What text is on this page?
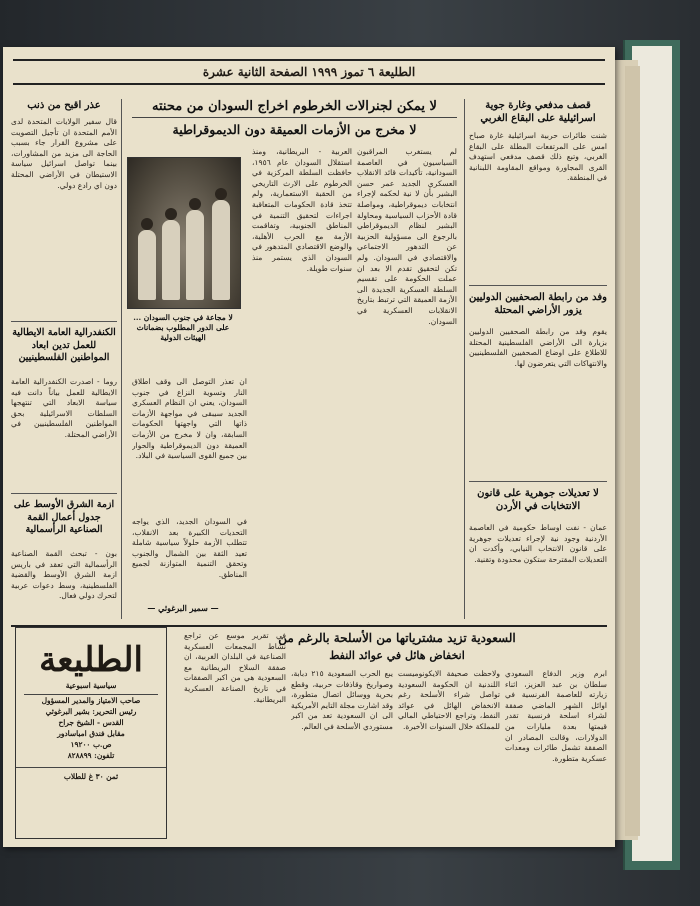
الطليعة ٦ تموز ١٩٩٩ الصفحة الثانية عشرة
قصف مدفعي وغارة جوية اسرائيلية على البقاع الغربي
شنت طائرات حربية اسرائيلية غارة صباح امس على المرتفعات المطلة على البقاع الغربي، وتبع ذلك قصف مدفعي استهدف القرى المجاورة ومواقع المقاومة اللبنانية في المنطقة.
وفد من رابطة الصحفيين الدوليين يزور الأراضي المحتلة
يقوم وفد من رابطة الصحفيين الدوليين بزيارة الى الأراضي الفلسطينية المحتلة للاطلاع على اوضاع الصحفيين الفلسطينيين والانتهاكات التي يتعرضون لها.
لا تعديلات جوهرية على قانون الانتخابات في الأردن
عمان - نفت اوساط حكومية في العاصمة الأردنية وجود نية لإجراء تعديلات جوهرية على قانون الانتخاب النيابي، وأكدت ان التعديلات المقترحة ستكون محدودة وتقنية.
لا يمكن لجنرالات الخرطوم اخراج السودان من محنته
لا مخرج من الأزمات العميقة دون الديموقراطية
لم يستغرب المراقبون السياسيون في العاصمة السودانية، تأكيدات قائد الانقلاب العسكري الجديد عمر حسن البشير بأن لا نية لحكمه لإجراء انتخابات ديموقراطية، ومواصلة قادة الأحزاب السياسية ومحاولة البشير لنظام الديموقراطي بالرجوع الى مسؤولية الحزبية عن التدهور الاجتماعي والاقتصادي في السودان. ولم تكن لتحقيق تقدم الا بعد ان عملت الحكومة على تقسيم السلطة العسكرية الجديدة الى الأزمة العميقة التي ترتبط بتاريخ الانقلابات العسكرية في السودان.
العربية - البريطانية، ومنذ استقلال السودان عام ١٩٥٦، حافظت السلطة المركزية في الخرطوم على الارث التاريخي من الحقبة الاستعمارية، ولم تتخذ قادة الحكومات المتعاقبة اجراءات لتحقيق التنمية في المناطق الجنوبية، وتفاقمت الأزمة مع الحرب الأهلية، والوضع الاقتصادي المتدهور في السودان الذي يستمر منذ سنوات طويلة.
ان تعذر التوصل الى وقف اطلاق النار وتسوية النزاع في جنوب السودان، يعني ان النظام العسكري الجديد سيبقى في مواجهة الأزمات ذاتها التي واجهتها الحكومات السابقة، وان لا مخرج من الأزمات العميقة دون الديموقراطية والحوار بين جميع القوى السياسية في البلاد.
في السودان الجديد، الذي يواجه التحديات الكبيرة بعد الانقلاب، تتطلب الأزمة حلولاً سياسية شاملة تعيد الثقة بين الشمال والجنوب وتحقق التنمية المتوازنة لجميع المناطق.
لا مجاعة في جنوب السودان ... على الدور المطلوب بضمانات الهيئات الدولية
— سمير البرغوثي —
عذر اقبح من ذنب
قال سفير الولايات المتحدة لدى الأمم المتحدة ان تأجيل التصويت على مشروع القرار جاء بسبب الحاجة الى مزيد من المشاورات، بينما تواصل اسرائيل سياسة الاستيطان في الأراضي المحتلة دون اي رادع دولي.
الكنفدرالية العامة الايطالية للعمل تدين ابعاد المواطنين الفلسطينيين
روما - اصدرت الكنفدرالية العامة الايطالية للعمل بياناً دانت فيه سياسة الابعاد التي تنتهجها السلطات الاسرائيلية بحق المواطنين الفلسطينيين في الأراضي المحتلة.
ازمة الشرق الأوسط على جدول أعمال القمة الصناعية الرأسمالية
بون - تبحث القمة الصناعية الرأسمالية التي تعقد في باريس ازمة الشرق الأوسط والقضية الفلسطينية، وسط دعوات عربية لتحرك دولي فعال.
السعودية تزيد مشترياتها من الأسلحة بالرغم من
انخفاض هائل في عوائد النفط
ابرم وزير الدفاع السعودي سلطان بن عبد العزيز، اثناء زيارته للعاصمة الفرنسية في اوائل الشهر الماضي صفقة لشراء اسلحة فرنسية تقدر قيمتها بعدة مليارات من الدولارات، وقالت المصادر ان الصفقة تشمل طائرات ومعدات عسكرية متطورة.
ولاحظت صحيفة الايكونوميست اللندنية ان الحكومة السعودية تواصل شراء الأسلحة رغم الانخفاض الهائل في عوائد النفط، وتراجع الاحتياطي المالي للمملكة خلال السنوات الأخيرة.
يبع الحرب السعودية ٢١٥ دبابة، وصواريخ وقاذفات حربية، وقطع بحرية ووسائل اتصال متطورة، وقد اشارت مجلة التايم الأمريكية الى ان السعودية تعد من اكبر مستوردي الأسلحة في العالم.
في تقرير موسع عن تراجع نشاط المجمعات العسكرية الصناعية في البلدان الغربية، ان صفقة السلاح البريطانية مع السعودية هي من اكبر الصفقات في تاريخ الصناعة العسكرية البريطانية.
الطليعة
سياسية اسبوعية
صاحب الامتياز والمدير المسؤول
رئيس التحرير: بشير البرغوثي
القدس - الشيخ جراح
مقابل فندق امباسادور
ص.ب ١٩٢٠٠
تلفون: ٨٢٨٨٩٩
ثمن ٣٠ غ للطلاب
